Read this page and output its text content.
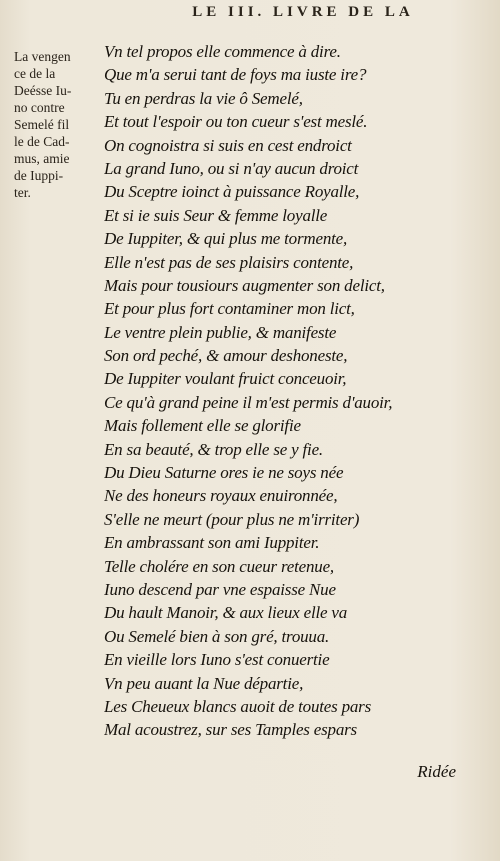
LE III. LIVRE DE LA
La vengen
ce de la
Deésse Iu-
no contre
Semelé fil
le de Cad-
mus, amie
de Iuppi-
ter.
Vn tel propos elle commence à dire.
Que m'a serui tant de foys ma iuste ire?
Tu en perdras la vie ô Semelé,
Et tout l'espoir ou ton cueur s'est meslé.
On cognoistra si suis en cest endroict
La grand Iuno, ou si n'ay aucun droict
Du Sceptre ioinct à puissance Royalle,
Et si ie suis Seur & femme loyalle
De Iuppiter, & qui plus me tormente,
Elle n'est pas de ses plaisirs contente,
Mais pour tousiours augmenter son delict,
Et pour plus fort contaminer mon lict,
Le ventre plein publie, & manifeste
Son ord peché, & amour deshoneste,
De Iuppiter voulant fruict conceuoir,
Ce qu'à grand peine il m'est permis d'auoir,
Mais follement elle se glorifie
En sa beauté, & trop elle se y fie.
Du Dieu Saturne ores ie ne soys née
Ne des honeurs royaux enuironnée,
S'elle ne meurt (pour plus ne m'irriter)
En ambrassant son ami Iuppiter.
Telle cholére en son cueur retenue,
Iuno descend par vne espaisse Nue
Du hault Manoir, & aux lieux elle va
Ou Semelé bien à son gré, trouua.
En vieille lors Iuno s'est conuertie
Vn peu auant la Nue départie,
Les Cheueux blancs auoit de toutes pars
Mal acoustrez, sur ses Tamples espars
Ridée
